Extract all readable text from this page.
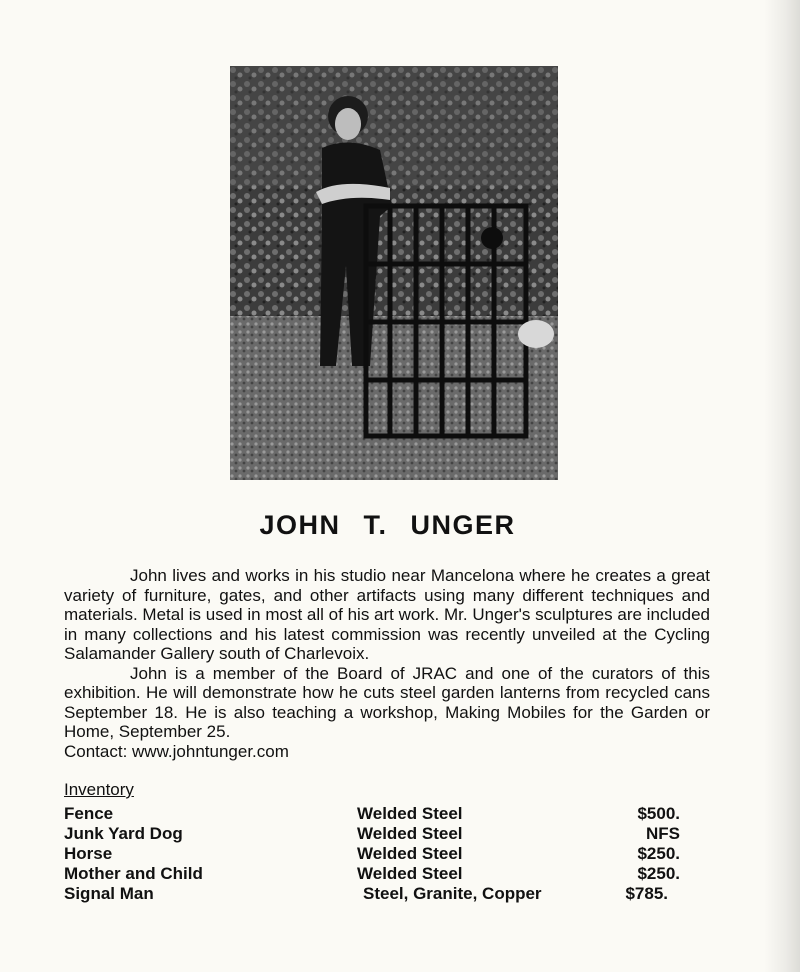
JOHN T. UNGER

John lives and works in his studio near Mancelona where he creates a great variety of furniture, gates, and other artifacts using many different techniques and materials. Metal is used in most all of his art work. Mr. Unger's sculptures are included in many collections and his latest commission was recently unveiled at the Cycling Salamander Gallery south of Charlevoix.

John is a member of the Board of JRAC and one of the curators of this exhibition. He will demonstrate how he cuts steel garden lanterns from recycled cans September 18. He is also teaching a workshop, Making Mobiles for the Garden or Home, September 25.

Contact: www.johntunger.com

Inventory
Fence	Welded Steel	$500.
Junk Yard Dog	Welded Steel	NFS
Horse	Welded Steel	$250.
Mother and Child	Welded Steel	$250.
Signal Man	Steel, Granite, Copper	$785.
